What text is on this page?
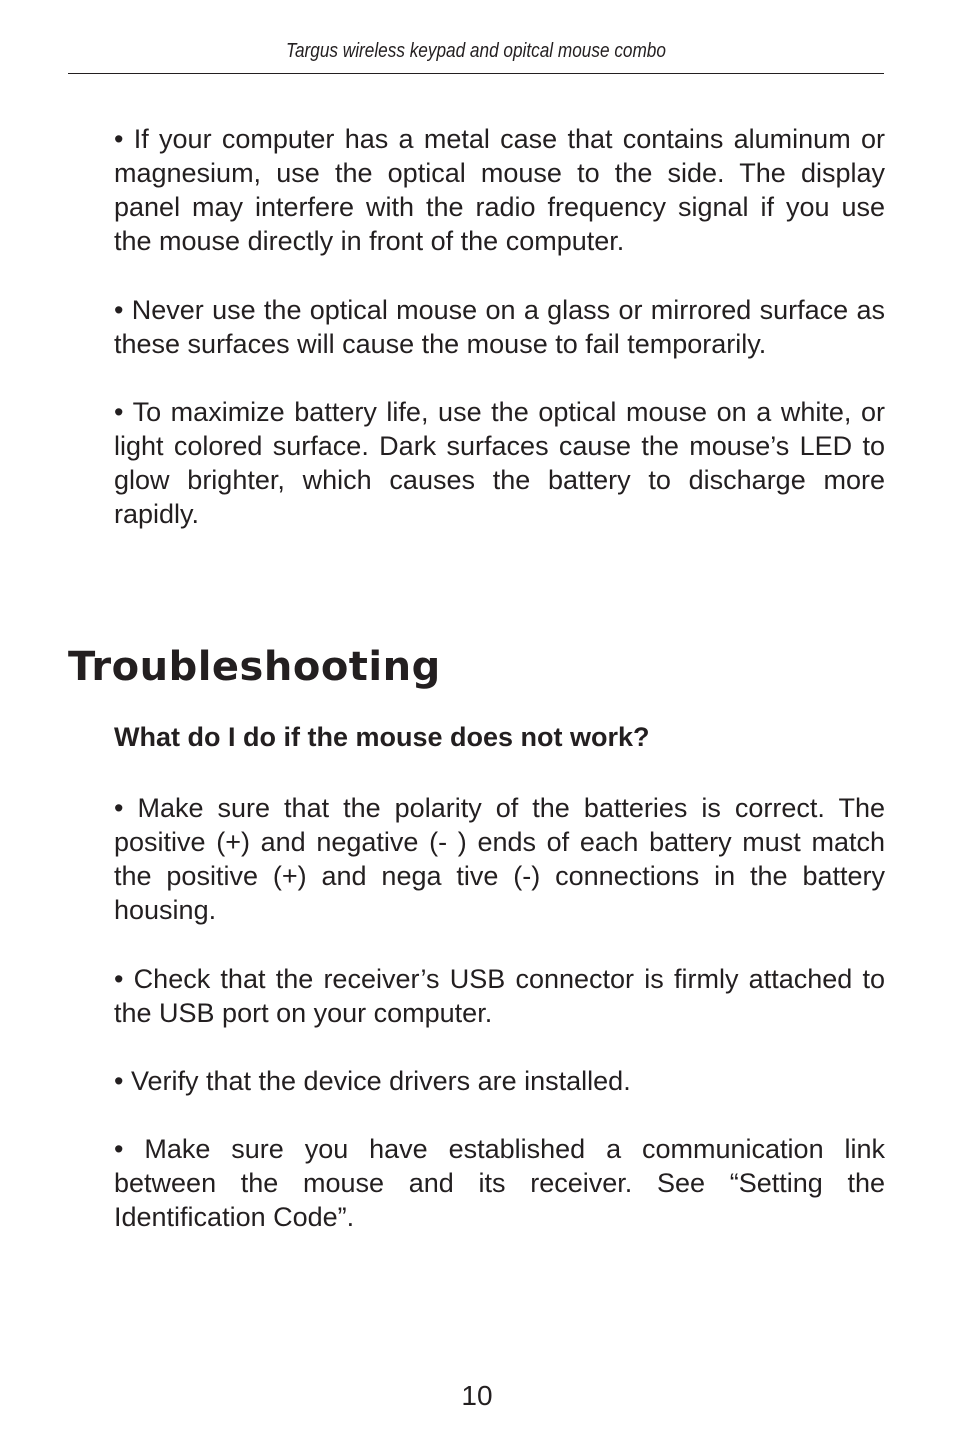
Targus wireless keypad and opitcal mouse combo

• If your computer has a metal case that contains aluminum or magnesium, use the optical mouse to the side. The display panel may interfere with the radio frequency signal if you use the mouse directly in front of the computer.

• Never use the optical mouse on a glass or mirrored surface as these surfaces will cause the mouse to fail temporarily.

• To maximize battery life, use the optical mouse on a white, or light colored surface. Dark surfaces cause the mouse’s LED to glow brighter, which causes the battery to discharge more rapidly.

Troubleshooting
What do I do if the mouse does not work?

• Make sure that the polarity of the batteries is correct. The positive (+) and negative (- ) ends of each battery must match the positive (+) and nega tive (-) connections in the battery housing.

• Check that the receiver’s USB connector is firmly attached to the USB port on your computer.

• Verify that the device drivers are installed.

• Make sure you have established a communication link between the mouse and its receiver. See “Setting the Identification Code”.

10
